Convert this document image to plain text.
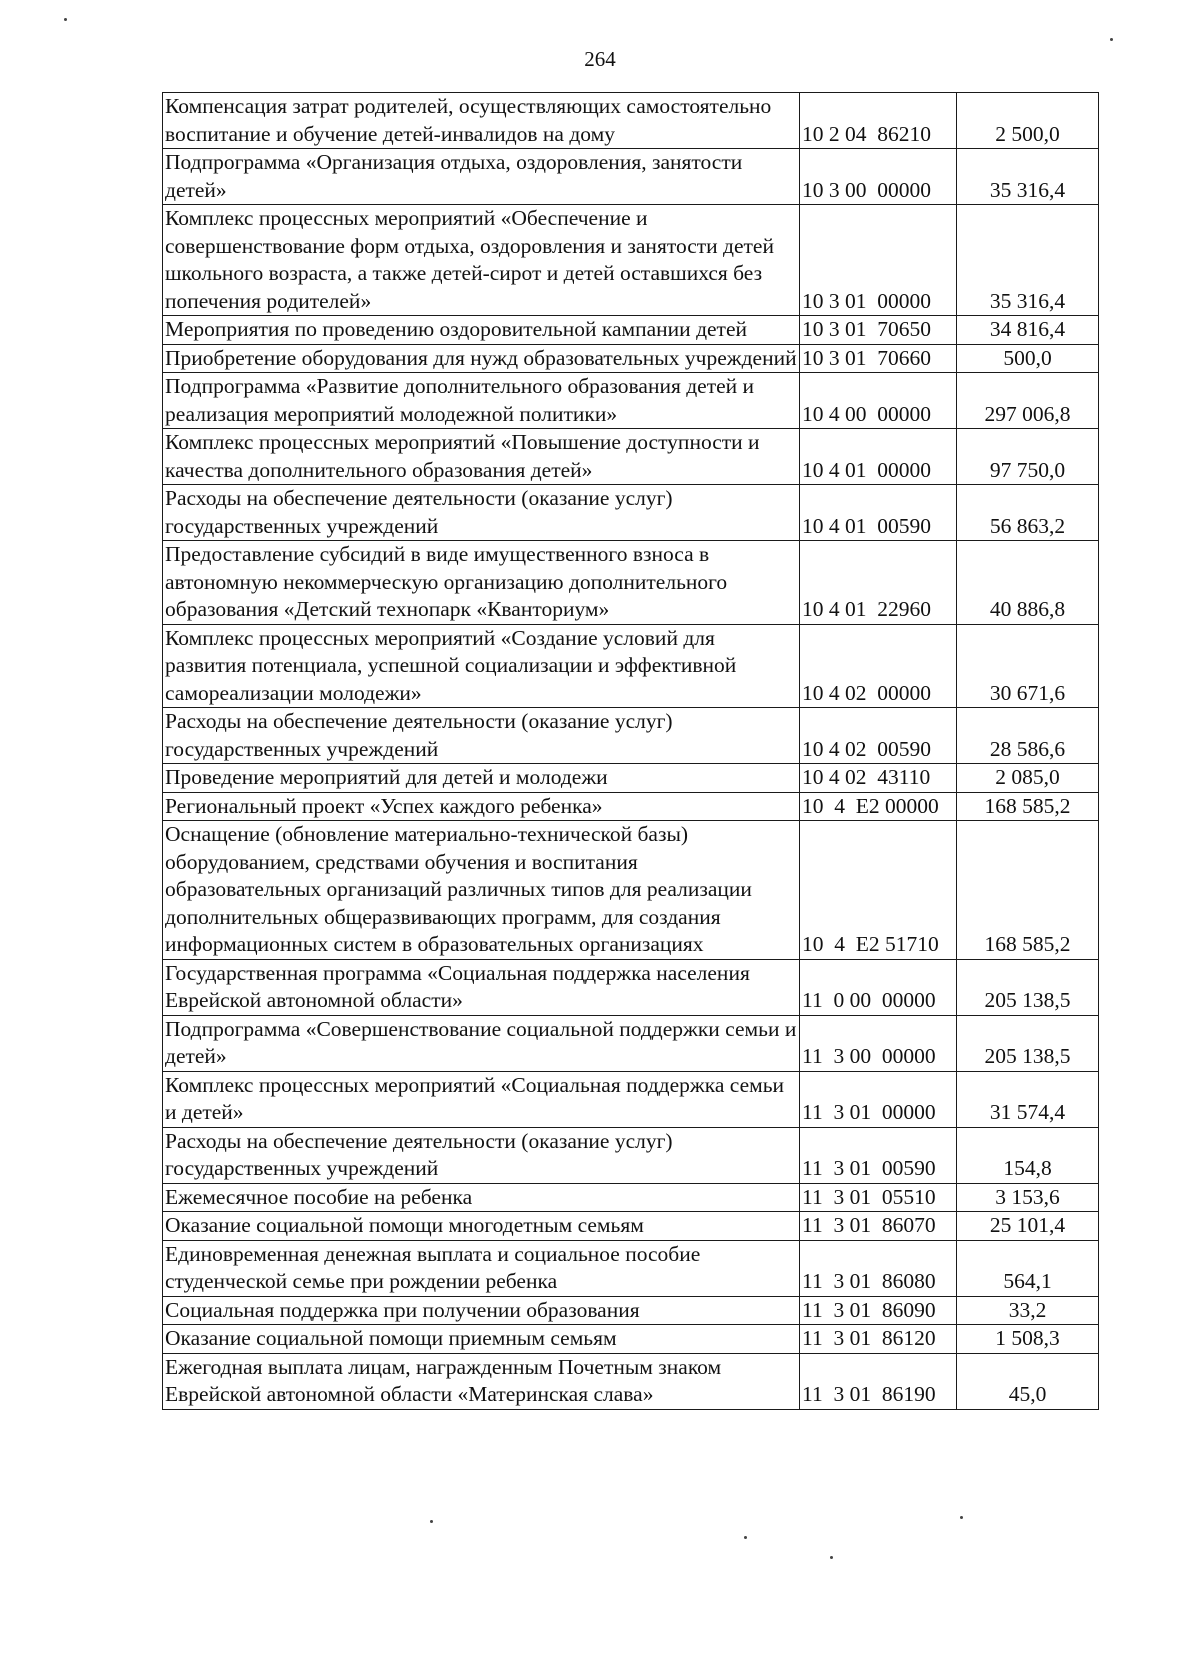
264
Компенсация затрат родителей, осуществляющих самостоятельно воспитание и обучение детей-инвалидов на дому	10 2 04  86210	2 500,0
Подпрограмма «Организация отдыха, оздоровления, занятости детей»	10 3 00  00000	35 316,4
Комплекс процессных мероприятий «Обеспечение и совершенствование форм отдыха, оздоровления и занятости детей школьного возраста, а также детей-сирот и детей оставшихся без попечения родителей»	10 3 01  00000	35 316,4
Мероприятия по проведению оздоровительной кампании детей	10 3 01  70650	34 816,4
Приобретение оборудования для нужд образовательных учреждений	10 3 01  70660	500,0
Подпрограмма «Развитие дополнительного образования детей и реализация мероприятий молодежной политики»	10 4 00  00000	297 006,8
Комплекс процессных мероприятий «Повышение доступности и качества дополнительного образования детей»	10 4 01  00000	97 750,0
Расходы на обеспечение деятельности (оказание услуг) государственных учреждений	10 4 01  00590	56 863,2
Предоставление субсидий в виде имущественного взноса в автономную некоммерческую организацию дополнительного образования «Детский технопарк «Кванториум»	10 4 01  22960	40 886,8
Комплекс процессных мероприятий «Создание условий для развития потенциала, успешной социализации и эффективной самореализации молодежи»	10 4 02  00000	30 671,6
Расходы на обеспечение деятельности (оказание услуг) государственных учреждений	10 4 02  00590	28 586,6
Проведение мероприятий для детей и молодежи	10 4 02  43110	2 085,0
Региональный проект «Успех каждого ребенка»	10  4  Е2 00000	168 585,2
Оснащение (обновление материально-технической базы) оборудованием, средствами обучения и воспитания образовательных организаций различных типов для реализации дополнительных общеразвивающих программ, для создания информационных систем в образовательных организациях	10  4  Е2 51710	168 585,2
Государственная программа «Социальная поддержка населения Еврейской автономной области»	11  0 00  00000	205 138,5
Подпрограмма «Совершенствование социальной поддержки семьи и детей»	11  3 00  00000	205 138,5
Комплекс процессных мероприятий «Социальная поддержка семьи и детей»	11  3 01  00000	31 574,4
Расходы на обеспечение деятельности (оказание услуг) государственных учреждений	11  3 01  00590	154,8
Ежемесячное пособие на ребенка	11  3 01  05510	3 153,6
Оказание социальной помощи многодетным семьям	11  3 01  86070	25 101,4
Единовременная денежная выплата и социальное пособие студенческой семье при рождении ребенка	11  3 01  86080	564,1
Социальная поддержка при получении образования	11  3 01  86090	33,2
Оказание социальной помощи приемным семьям	11  3 01  86120	1 508,3
Ежегодная выплата лицам, награжденным Почетным знаком Еврейской автономной области «Материнская слава»	11  3 01  86190	45,0
